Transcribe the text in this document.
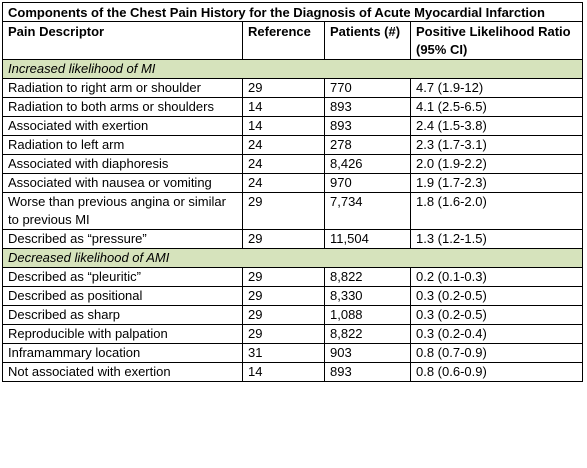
Components of the Chest Pain History for the Diagnosis of Acute Myocardial Infarction			
Pain Descriptor	Reference	Patients (#)	Positive Likelihood Ratio (95% CI)
Increased likelihood of MI			
Radiation to right arm or shoulder	29	770	4.7 (1.9-12)
Radiation to both arms or shoulders	14	893	4.1 (2.5-6.5)
Associated with exertion	14	893	2.4 (1.5-3.8)
Radiation to left arm	24	278	2.3 (1.7-3.1)
Associated with diaphoresis	24	8,426	2.0 (1.9-2.2)
Associated with nausea or vomiting	24	970	1.9 (1.7-2.3)
Worse than previous angina or similar to previous MI	29	7,734	1.8 (1.6-2.0)
Described as “pressure”	29	11,504	1.3 (1.2-1.5)
Decreased likelihood of AMI			
Described as “pleuritic”	29	8,822	0.2 (0.1-0.3)
Described as positional	29	8,330	0.3 (0.2-0.5)
Described as sharp	29	1,088	0.3 (0.2-0.5)
Reproducible with palpation	29	8,822	0.3 (0.2-0.4)
Inframammary location	31	903	0.8 (0.7-0.9)
Not associated with exertion	14	893	0.8 (0.6-0.9)
